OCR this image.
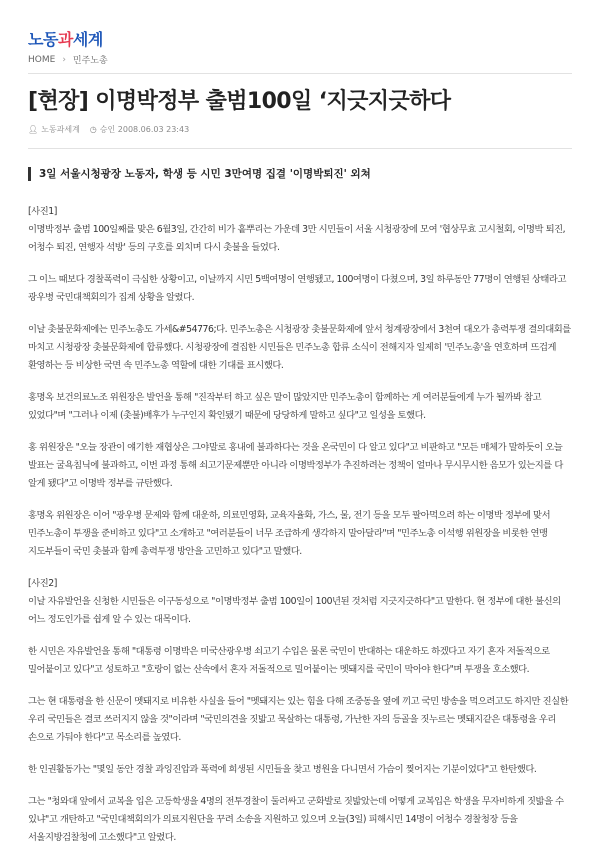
노동과세계
HOME › 민주노총
[현장] 이명박정부 출범100일 ‘지긋지긋하다
👤︎ 노동과세계 ◷ 승인 2008.06.03 23:43
3일 서울시청광장 노동자, 학생 등 시민 3만여명 집결 '이명박퇴진' 외쳐

[사진1]

이명박정부 출범 100일째를 맞은 6월3일, 간간히 비가 흩뿌리는 가운데 3만 시민들이 서울 시청광장에 모여 '협상무효 고시철회, 이명박 퇴진, 어청수 퇴진, 연행자 석방' 등의 구호를 외치며 다시 촛불을 들었다.

그 이느 때보다 경찰폭력이 극심한 상황이고, 이날까지 시민 5백여명이 연행됐고, 100여명이 다쳤으며, 3일 하루동안 77명이 연행된 상태라고 광우병 국민대책회의가 집계 상황을 알렸다.

이날 촛불문화제에는 민주노총도 가세&#54776;다. 민주노총은 시청광장 촛불문화제에 앞서 청계광장에서 3천여 대오가 총력투쟁 결의대회를 마치고 시청광장 촛불문화제에 합류했다. 시청광장에 결집한 시민들은 민주노총 합류 소식이 전해지자 일제히 '민주노총'을 연호하며 뜨겁게 환영하는 등 비상한 국면 속 민주노총 역할에 대한 기대를 표시했다.

홍명옥 보건의료노조 위원장은 발언을 통해 "진작부터 하고 싶은 말이 많았지만 민주노총이 함께하는 게 여러분들에게 누가 될까봐 참고 있었다"며 "그러나 이제 (촛불)배후가 누구인지 확인됐기 때문에 당당하게 말하고 싶다"고 일성을 토했다.

홍 위원장은 "오늘 장관이 얘기한 재협상은 그야말로 홍내에 불과하다는 것을 온국민이 다 알고 있다"고 비판하고 "모든 매체가 말하듯이 오늘 발표는 굴욕침닉에 불과하고, 이번 과정 통해 쇠고기문제뿐만 아니라 이명박정부가 추진하려는 정책이 얼마나 무시무시한 음모가 있는지를 다 알게 됐다"고 이명박 정부를 규탄했다.

홍명옥 위원장은 이어 "광우병 문제와 함께 대운하, 의료민영화, 교육자율화, 가스, 물, 전기 등을 모두 팔아먹으려 하는 이명박 정부에 맞서 민주노총이 투쟁을 준비하고 있다"고 소개하고 "여러분들이 너무 조급하게 생각하지 말아달라"며 "민주노총 이석행 위원장을 비롯한 연맹 지도부들이 국민 촛불과 함께 총력투쟁 방안을 고민하고 있다"고 말했다.

[사진2]

이날 자유발언을 신청한 시민들은 이구동성으로 "이명박정부 출범 100일이 100년된 것처럼 지긋지긋하다"고 말한다. 현 정부에 대한 불신의 어느 정도인가를 쉽게 알 수 있는 대목이다.

한 시민은 자유발언을 통해 "대통령 이명박은 미국산광우병 쇠고기 수입은 물론 국민이 반대하는 대운하도 하겠다고 자기 혼자 저돌적으로 밀어붙이고 있다"고 성토하고 "호랑이 없는 산속에서 혼자 저돌적으로 밀어붙이는 멧돼지를 국민이 막아야 한다"며 투쟁을 호소했다.

그는 현 대통령을 한 신문이 멧돼지로 비유한 사실을 들어 "멧돼지는 있는 힘을 다해 조중동을 옆에 끼고 국민 방송을 먹으려고도 하지만 진실한 우리 국민들은 결코 쓰러지지 않을 것"이라며 "국민의견을 짓밟고 묵살하는 대통령, 가난한 자의 등골을 짓누르는 멧돼지같은 대통령을 우리 손으로 가둬야 한다"고 목소리를 높였다.

한 인권활동가는 "몇일 동안 경찰 과잉진압과 폭력에 희생된 시민들을 찾고 병원을 다니면서 가슴이 찢어지는 기분이었다"고 한탄했다.

그는 "청와대 앞에서 교복을 입은 고등학생을 4명의 전투경찰이 둘러싸고 군화발로 짓밟았는데 어떻게 교복입은 학생을 무자비하게 짓밟을 수 있냐"고 개탄하고 "국민대책회의가 의료지원단을 꾸려 소송을 지원하고 있으며 오늘(3일) 피해시민 14명이 어청수 경찰청장 등을 서울지방검찰청에 고소했다"고 알렸다.
